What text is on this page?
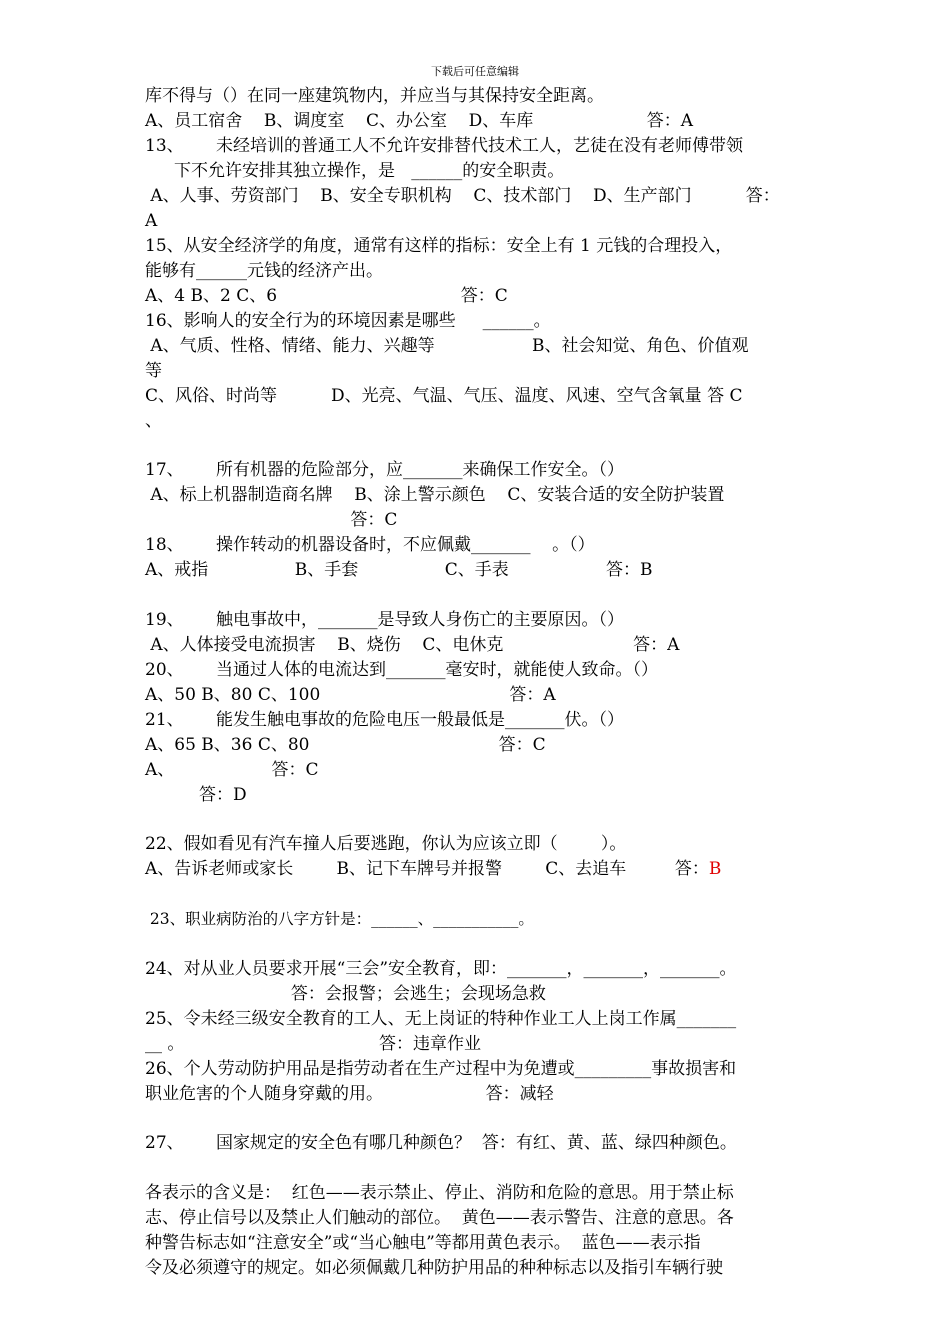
下载后可任意编辑
库不得与（）在同一座建筑物内，并应当与其保持安全距离。
A、员工宿舍    B、调度室    C、办公室    D、车库                     答：A
13、      未经培训的普通工人不允许安排替代技术工人，艺徒在没有老师傅带领
下不允许安排其独立操作，是   ______的安全职责。
A、人事、劳资部门    B、安全专职机构    C、技术部门    D、生产部门          答：
A
15、从安全经济学的角度，通常有这样的指标：安全上有 1 元钱的合理投入，
能够有______元钱的经济产出。
A、4 B、2 C、6                                  答：C
16、影响人的安全行为的环境因素是哪些     ______。
A、气质、性格、情绪、能力、兴趣等                  B、社会知觉、角色、价值观
等
C、风俗、时尚等          D、光亮、气温、气压、温度、风速、空气含氧量 答 C
、
17、      所有机器的危险部分，应_______来确保工作安全。（）
A、标上机器制造商名牌    B、涂上警示颜色    C、安装合适的安全防护装置
答：C
18、      操作转动的机器设备时，不应佩戴_______    。（）
A、戒指                B、手套                C、手表                  答：B
19、      触电事故中，_______是导致人身伤亡的主要原因。（）
A、人体接受电流损害    B、烧伤    C、电休克                        答：A
20、      当通过人体的电流达到_______毫安时，就能使人致命。（）
A、50 B、80 C、100                                   答：A
21、      能发生触电事故的危险电压一般最低是_______伏。（）
A、65 B、36 C、80                                   答：C
A、                  答：C
答：D
22、假如看见有汽车撞人后要逃跑，你认为应该立即（        ）。
A、告诉老师或家长        B、记下车牌号并报警        C、去追车         答：B
23、职业病防治的八字方针是：______、___________。
24、对从业人员要求开展“三会”安全教育，即：_______，_______，_______。
答：会报警；会逃生；会现场急救
25、令未经三级安全教育的工人、无上岗证的特种作业工人上岗工作属_______
__ 。                                    答：违章作业
26、个人劳动防护用品是指劳动者在生产过程中为免遭或_________事故损害和
职业危害的个人随身穿戴的用。                   答：减轻
27、      国家规定的安全色有哪几种颜色？  答：有红、黄、蓝、绿四种颜色。
各表示的含义是：  红色——表示禁止、停止、消防和危险的意思。用于禁止标
志、停止信号以及禁止人们触动的部位。  黄色——表示警告、注意的意思。各
种警告标志如“注意安全”或“当心触电”等都用黄色表示。  蓝色——表示指
令及必须遵守的规定。如必须佩戴几种防护用品的种种标志以及指引车辆行驶
